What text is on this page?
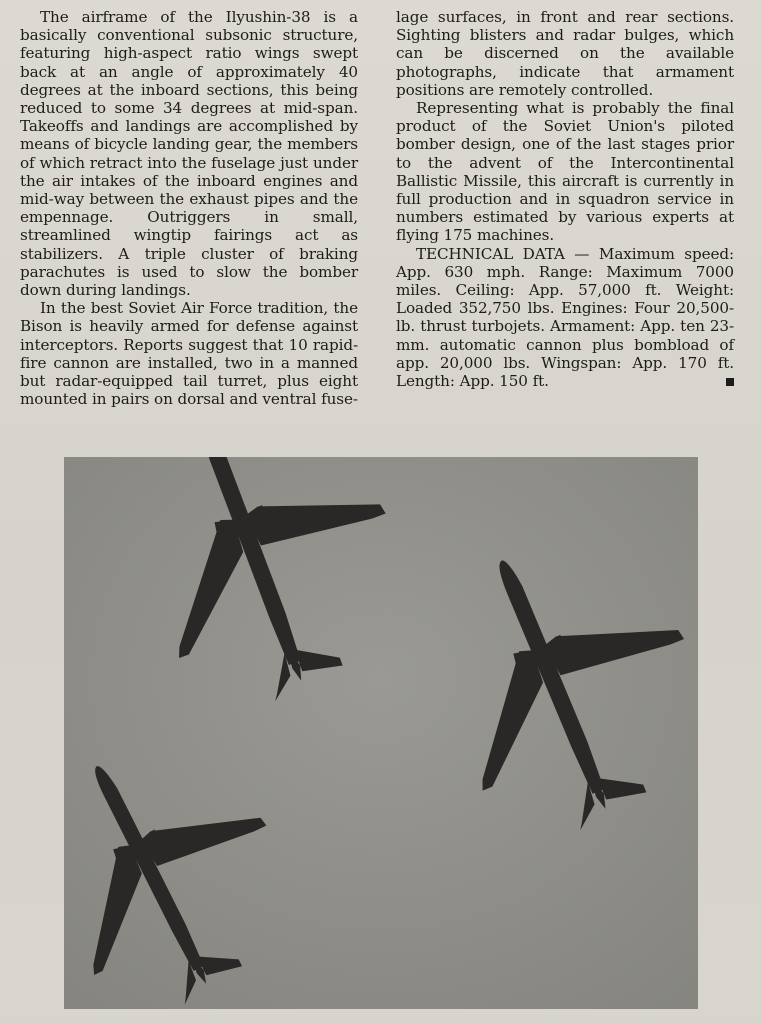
The airframe of the Ilyushin-38 is a basically conventional subsonic structure, featuring high-aspect ratio wings swept back at an angle of approximately 40 degrees at the inboard sections, this being reduced to some 34 degrees at mid-span. Takeoffs and landings are accomplished by means of bicycle landing gear, the members of which retract into the fuselage just under the air intakes of the inboard engines and mid-way between the exhaust pipes and the empennage. Outriggers in small, streamlined wingtip fairings act as stabilizers. A triple cluster of braking parachutes is used to slow the bomber down during landings.

In the best Soviet Air Force tradition, the Bison is heavily armed for defense against interceptors. Reports suggest that 10 rapid-fire cannon are installed, two in a manned but radar-equipped tail turret, plus eight mounted in pairs on dorsal and ventral fuse-

lage surfaces, in front and rear sections. Sighting blisters and radar bulges, which can be discerned on the available photographs, indicate that armament positions are remotely controlled.

Representing what is probably the final product of the Soviet Union's piloted bomber design, one of the last stages prior to the advent of the Intercontinental Ballistic Missile, this aircraft is currently in full production and in squadron service in numbers estimated by various experts at flying 175 machines.

TECHNICAL DATA — Maximum speed: App. 630 mph. Range: Maximum 7000 miles. Ceiling: App. 57,000 ft. Weight: Loaded 352,750 lbs. Engines: Four 20,500-lb. thrust turbojets. Armament: App. ten 23-mm. automatic cannon plus bombload of app. 20,000 lbs. Wingspan: App. 170 ft. Length: App. 150 ft.
